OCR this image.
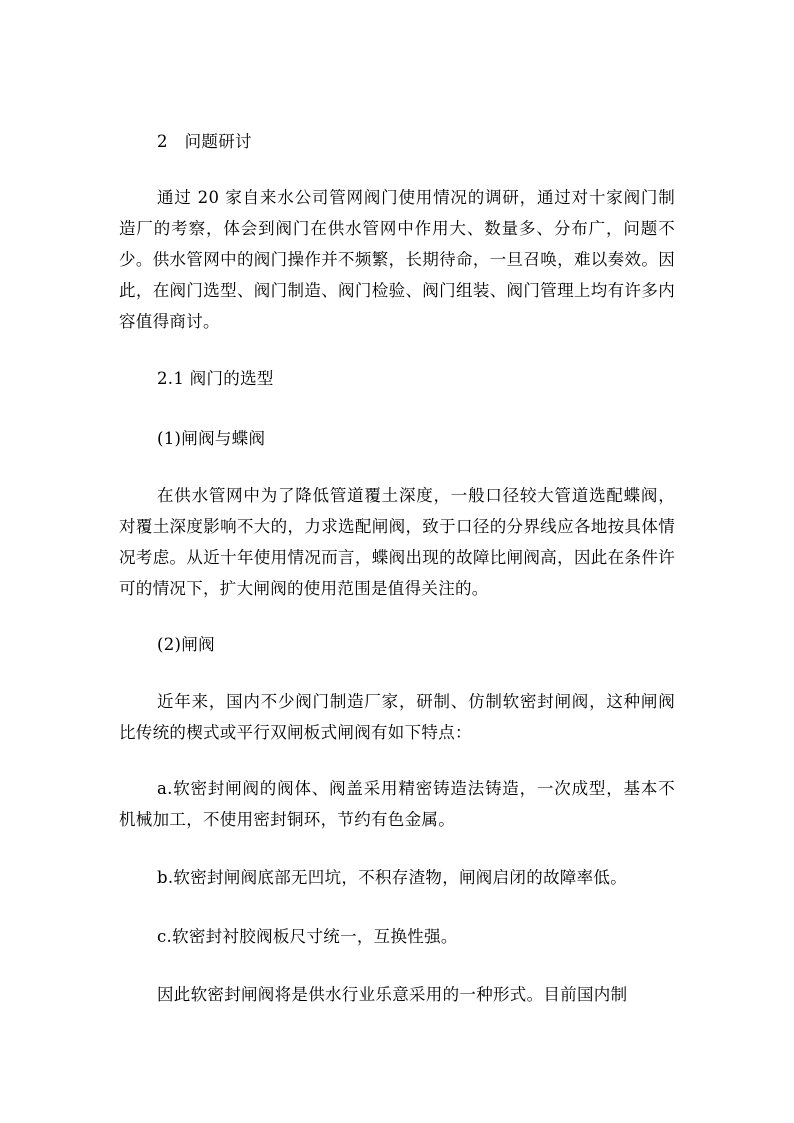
2　问题研讨

通过 20 家自来水公司管网阀门使用情况的调研，通过对十家阀门制造厂的考察，体会到阀门在供水管网中作用大、数量多、分布广，问题不少。供水管网中的阀门操作并不频繁，长期待命，一旦召唤，难以奏效。因此，在阀门选型、阀门制造、阀门检验、阀门组装、阀门管理上均有许多内容值得商讨。

2.1 阀门的选型

(1)闸阀与蝶阀

在供水管网中为了降低管道覆土深度，一般口径较大管道选配蝶阀，对覆土深度影响不大的，力求选配闸阀，致于口径的分界线应各地按具体情况考虑。从近十年使用情况而言，蝶阀出现的故障比闸阀高，因此在条件许可的情况下，扩大闸阀的使用范围是值得关注的。

(2)闸阀

近年来，国内不少阀门制造厂家，研制、仿制软密封闸阀，这种闸阀比传统的楔式或平行双闸板式闸阀有如下特点：

a.软密封闸阀的阀体、阀盖采用精密铸造法铸造，一次成型，基本不机械加工，不使用密封铜环，节约有色金属。

b.软密封闸阀底部无凹坑，不积存渣物，闸阀启闭的故障率低。

c.软密封衬胶阀板尺寸统一，互换性强。

因此软密封闸阀将是供水行业乐意采用的一种形式。目前国内制
